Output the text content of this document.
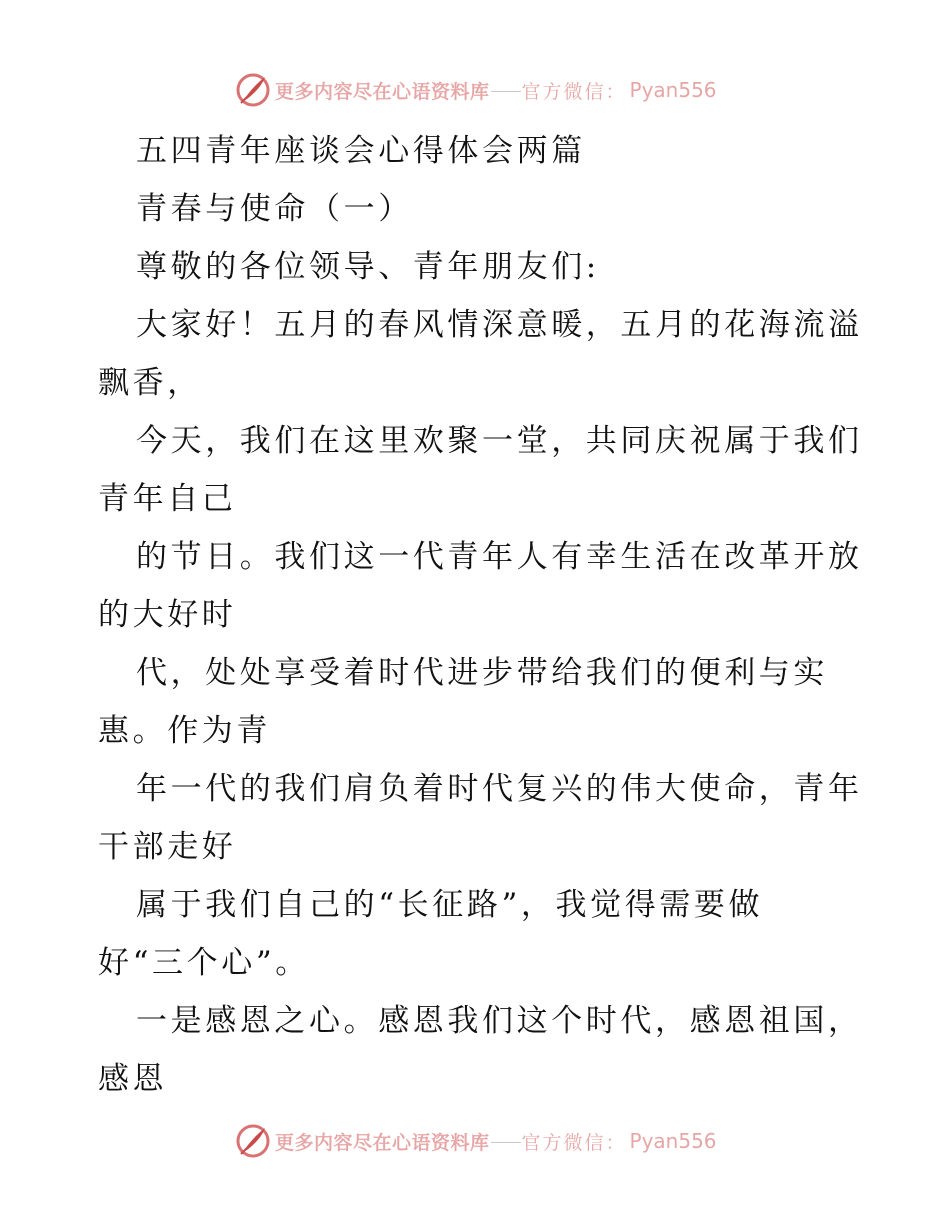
更多内容尽在心语资料库 官方微信： Pyan556
五四青年座谈会心得体会两篇
青春与使命（一）
尊敬的各位领导、青年朋友们:
大家好！五月的春风情深意暖，五月的花海流溢
飘香，
今天，我们在这里欢聚一堂，共同庆祝属于我们
青年自己
的节日。我们这一代青年人有幸生活在改革开放
的大好时
代，处处享受着时代进步带给我们的便利与实
惠。作为青
年一代的我们肩负着时代复兴的伟大使命，青年
干部走好
属于我们自己的“长征路”，我觉得需要做
好“三个心”。
一是感恩之心。感恩我们这个时代，感恩祖国，
感恩
更多内容尽在心语资料库 官方微信： Pyan556
